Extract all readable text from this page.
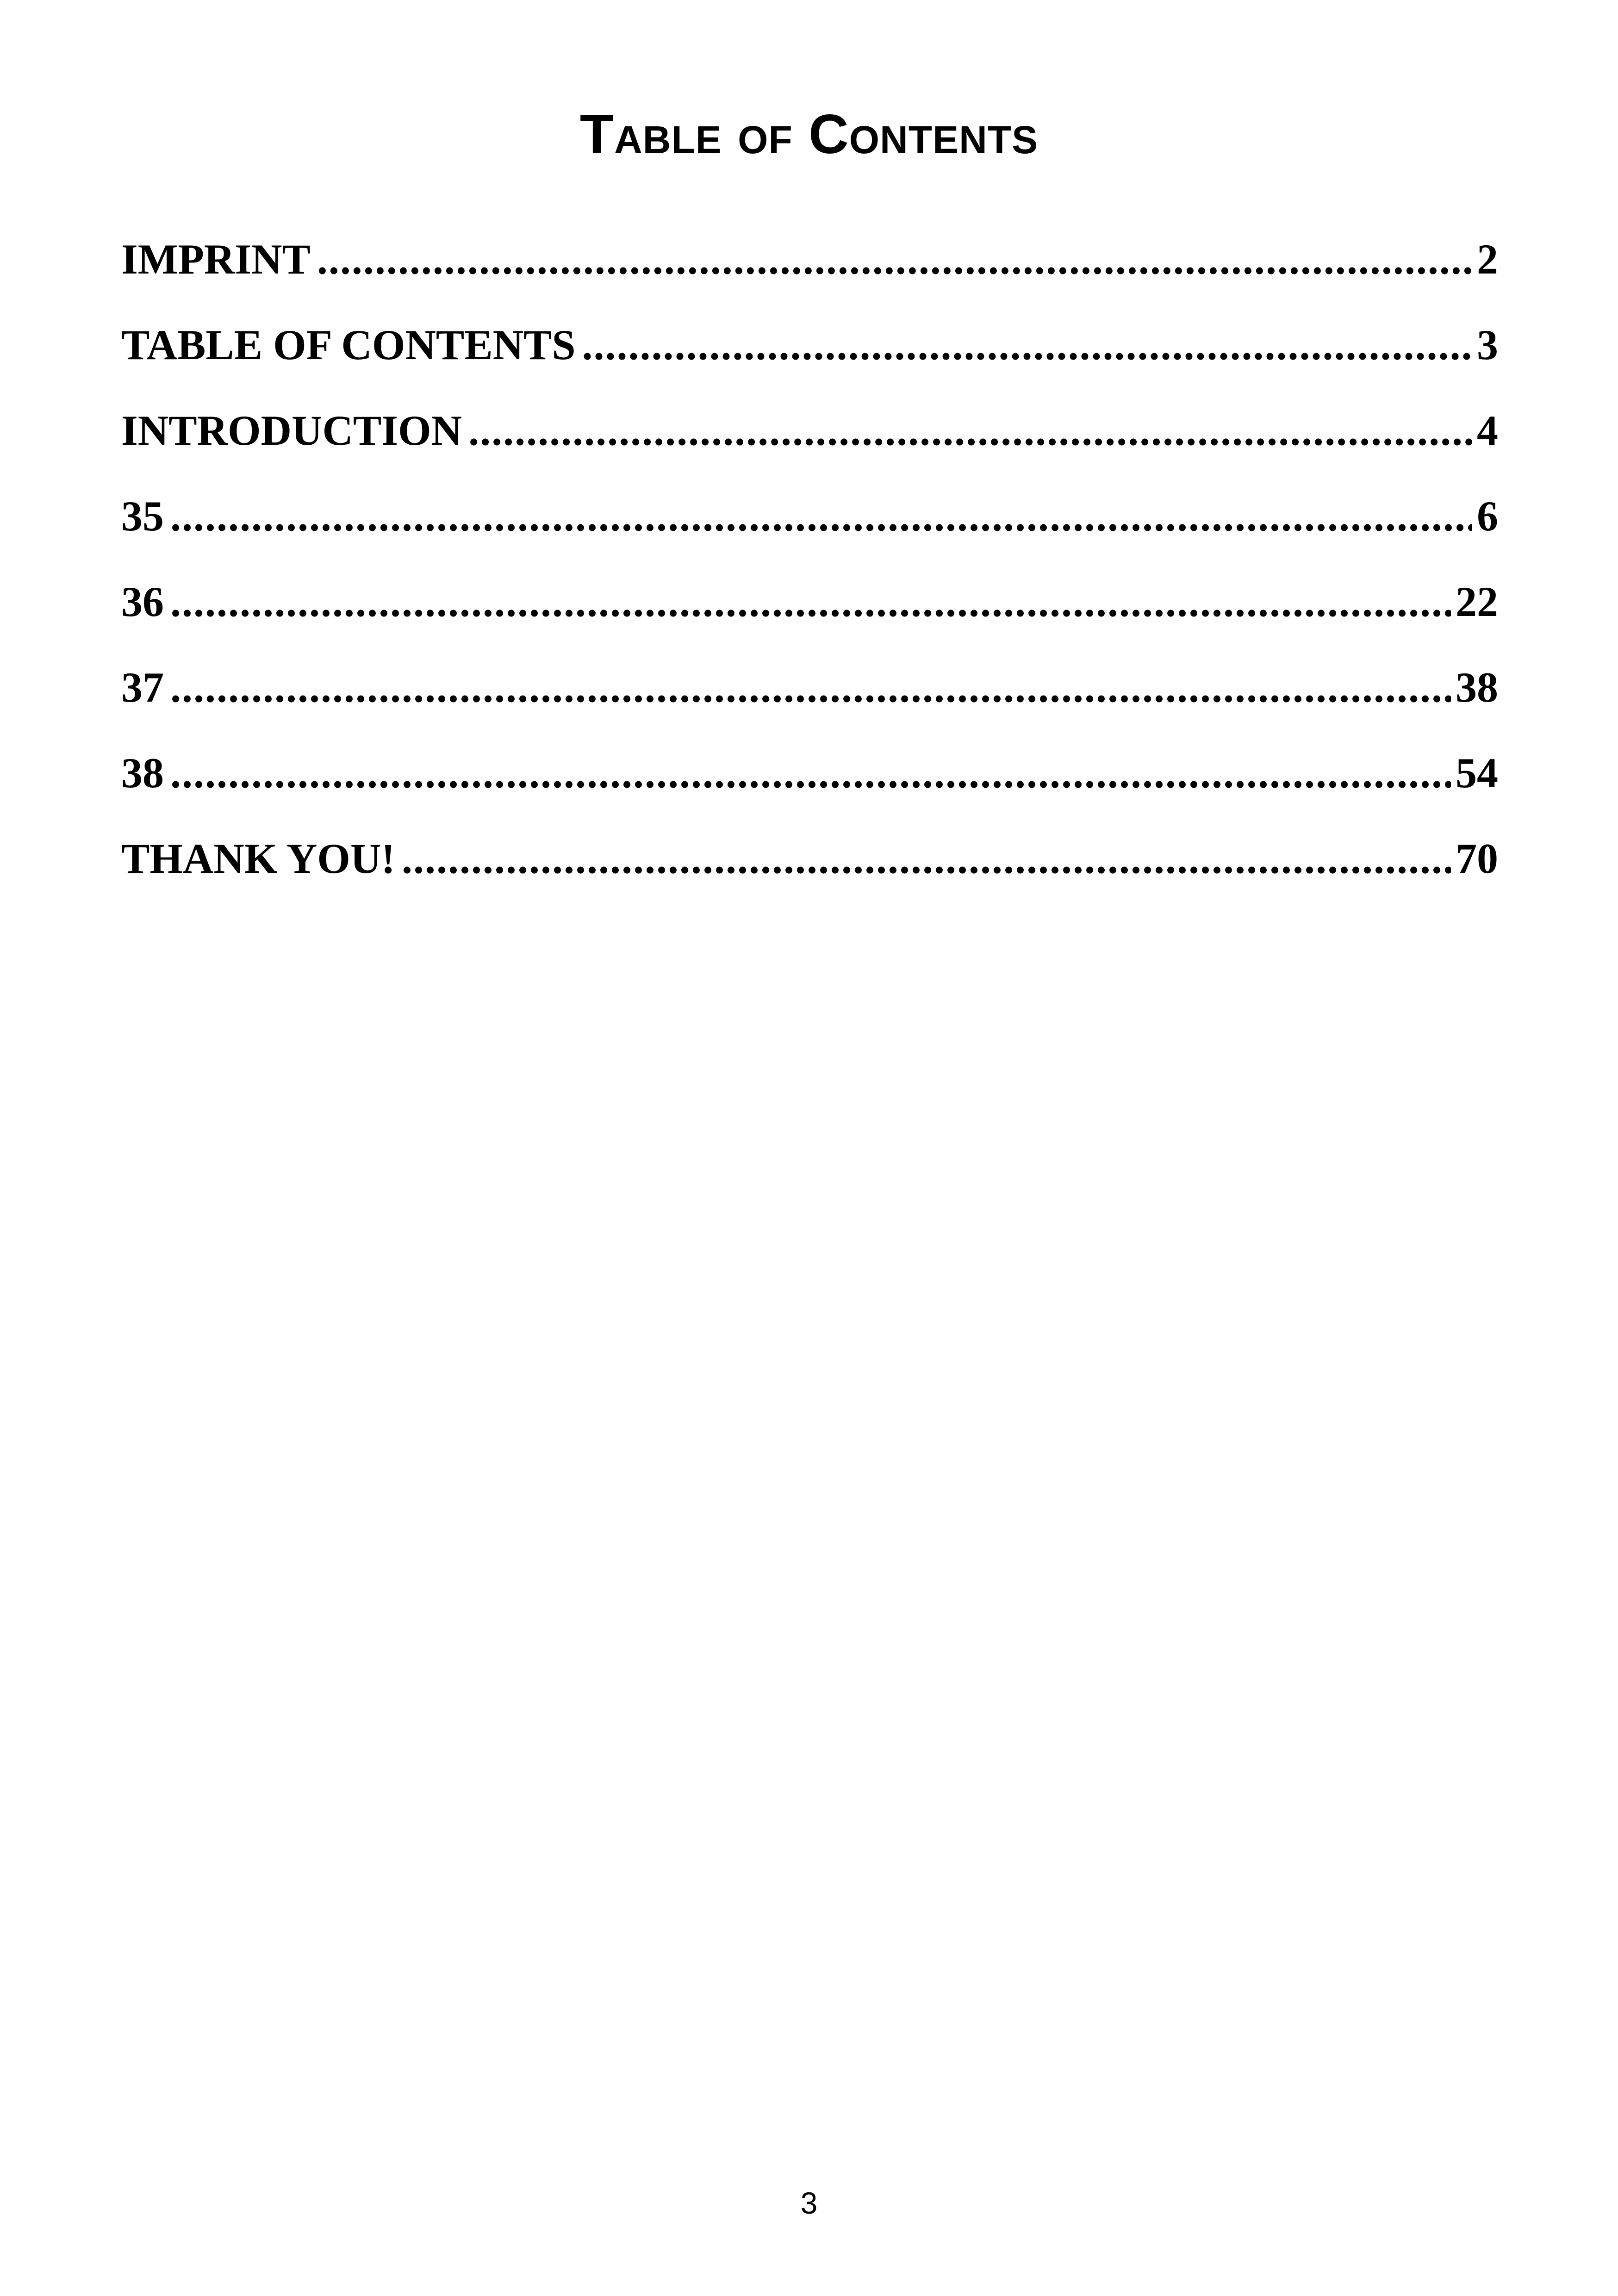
Table of Contents
IMPRINT .....	2
TABLE OF CONTENTS .....	3
INTRODUCTION .....	4
35 .....	6
36 .....	22
37 .....	38
38 .....	54
THANK YOU! .....	70
3
